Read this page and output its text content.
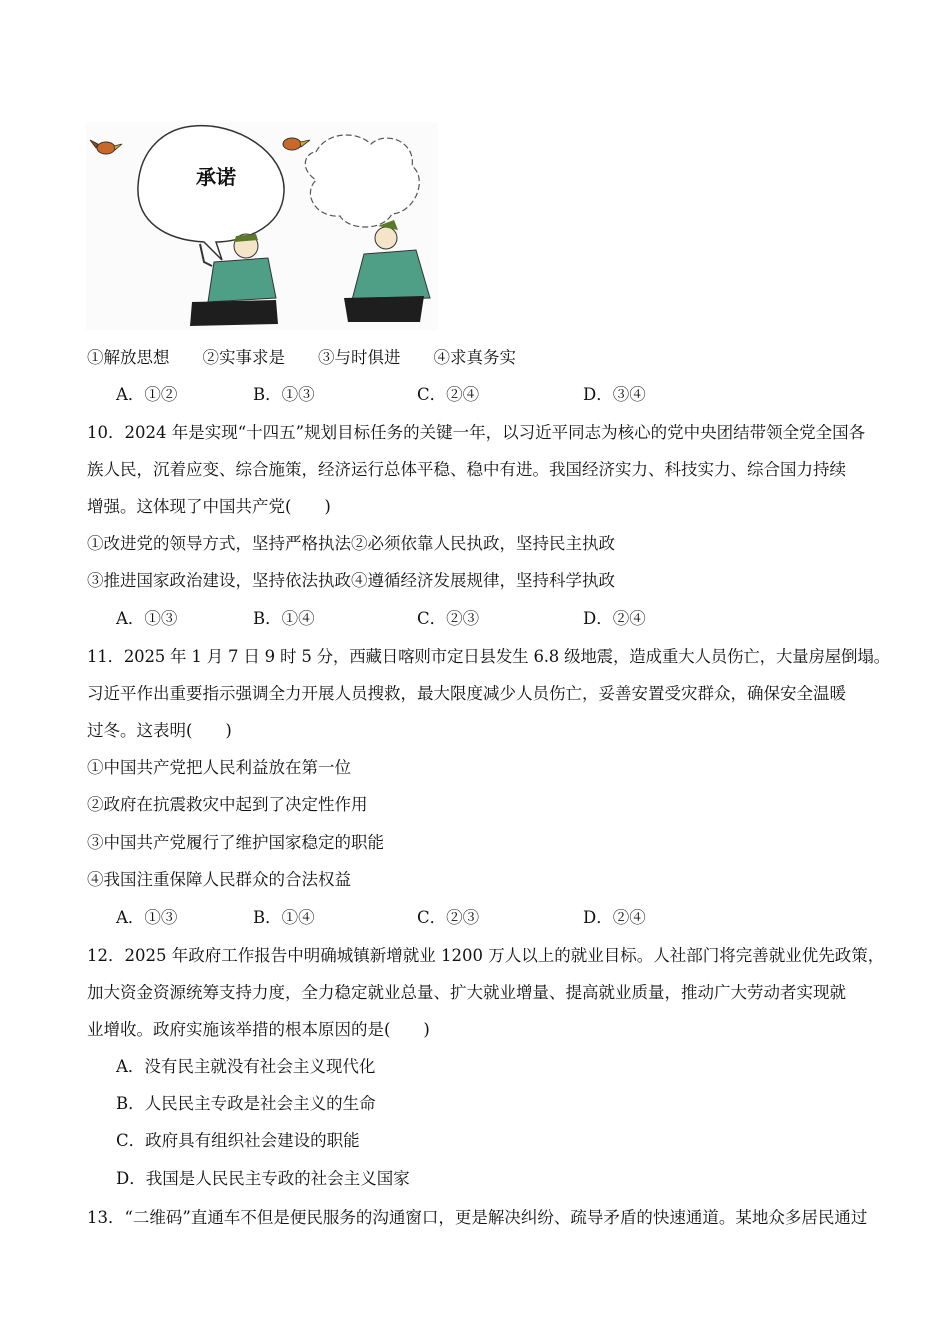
承诺
①解放思想　　②实事求是　　③与时俱进　　④求真务实
A．①②	B．①③	C．②④	D．③④
10．2024 年是实现“十四五”规划目标任务的关键一年，以习近平同志为核心的党中央团结带领全党全国各
族人民，沉着应变、综合施策，经济运行总体平稳、稳中有进。我国经济实力、科技实力、综合国力持续
增强。这体现了中国共产党(　　)
①改进党的领导方式，坚持严格执法②必须依靠人民执政，坚持民主执政
③推进国家政治建设，坚持依法执政④遵循经济发展规律，坚持科学执政
A．①③	B．①④	C．②③	D．②④
11．2025 年 1 月 7 日 9 时 5 分，西藏日喀则市定日县发生 6.8 级地震，造成重大人员伤亡，大量房屋倒塌。
习近平作出重要指示强调全力开展人员搜救，最大限度减少人员伤亡，妥善安置受灾群众，确保安全温暖
过冬。这表明(　　)
①中国共产党把人民利益放在第一位
②政府在抗震救灾中起到了决定性作用
③中国共产党履行了维护国家稳定的职能
④我国注重保障人民群众的合法权益
A．①③	B．①④	C．②③	D．②④
12．2025 年政府工作报告中明确城镇新增就业 1200 万人以上的就业目标。人社部门将完善就业优先政策，
加大资金资源统筹支持力度，全力稳定就业总量、扩大就业增量、提高就业质量，推动广大劳动者实现就
业增收。政府实施该举措的根本原因的是(　　)
A．没有民主就没有社会主义现代化
B．人民民主专政是社会主义的生命
C．政府具有组织社会建设的职能
D．我国是人民民主专政的社会主义国家
13．“二维码”直通车不但是便民服务的沟通窗口，更是解决纠纷、疏导矛盾的快速通道。某地众多居民通过
